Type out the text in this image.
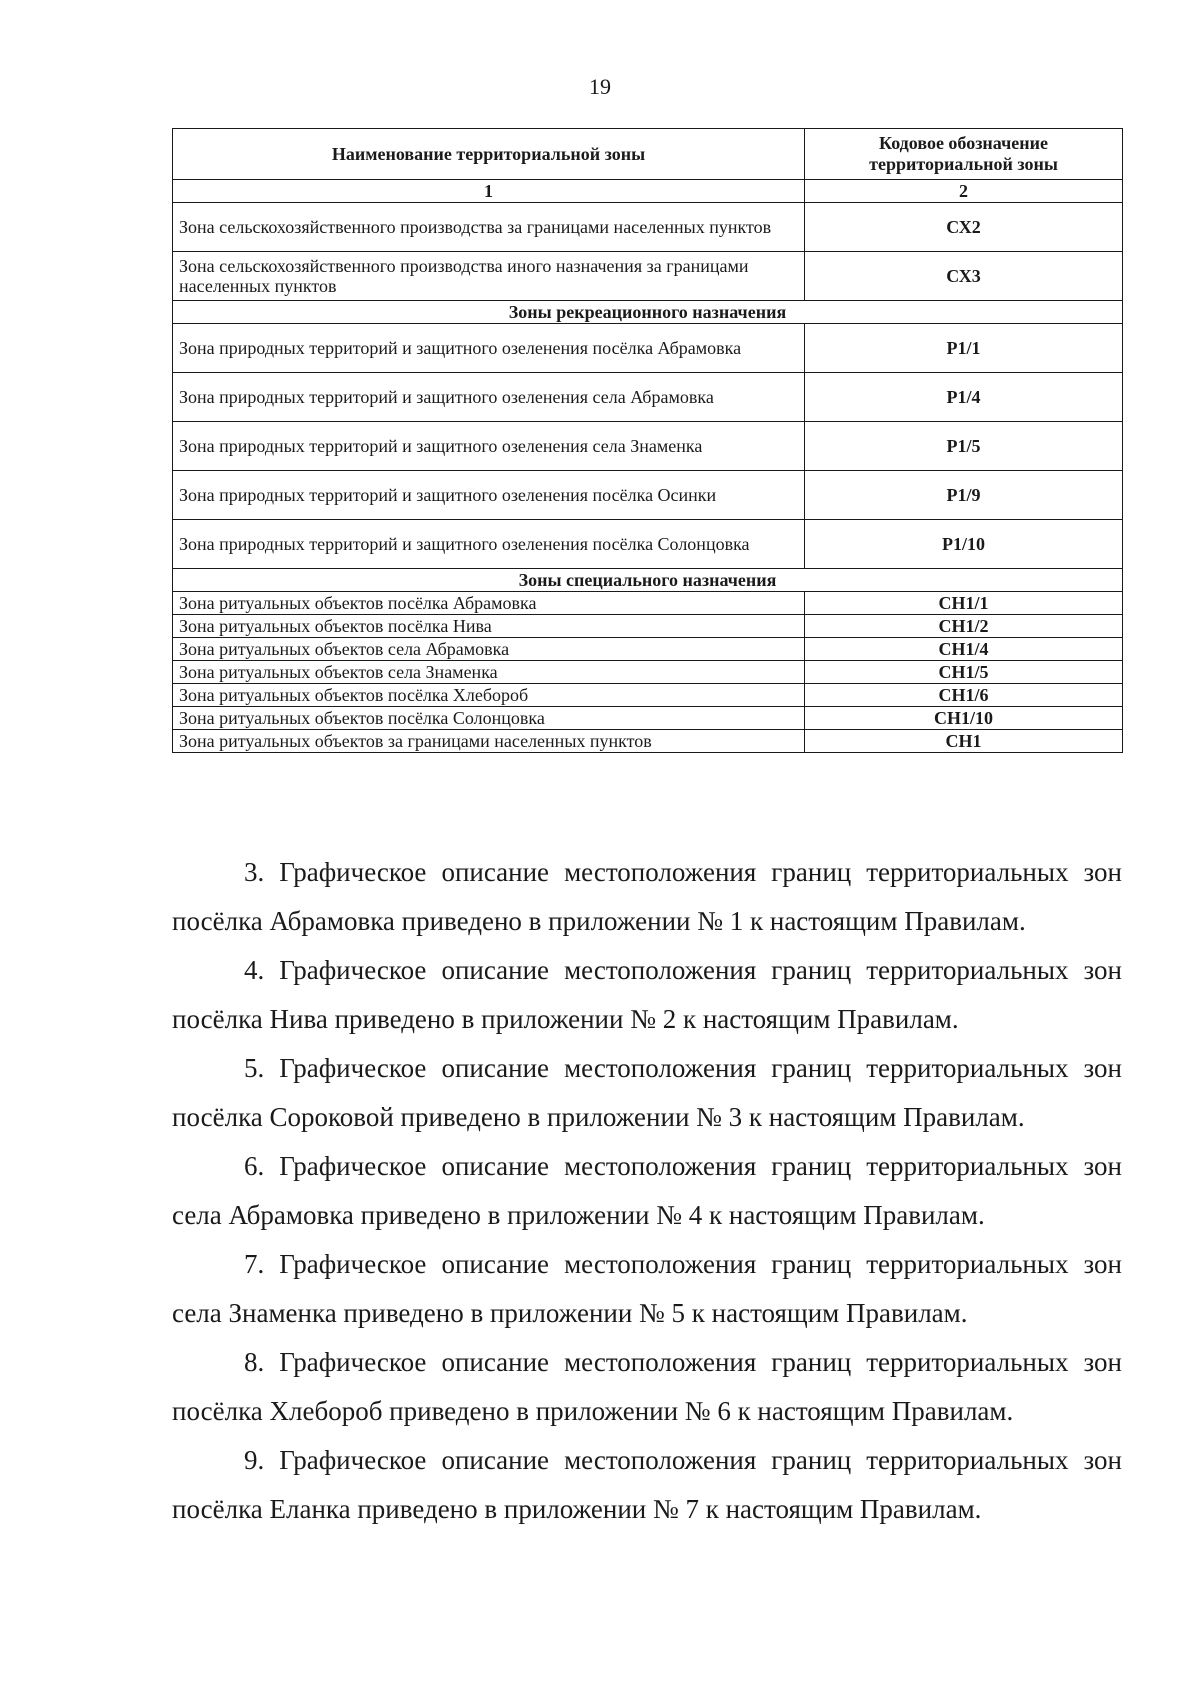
19
Наименование территориальной зоны	Кодовое обозначение территориальной зоны
1	2
Зона сельскохозяйственного производства за границами населенных пунктов	СХ2
Зона сельскохозяйственного производства иного назначения за границами населенных пунктов	СХ3
Зоны рекреационного назначения	
Зона природных территорий и защитного озеленения посёлка Абрамовка	Р1/1
Зона природных территорий и защитного озеленения села Абрамовка	Р1/4
Зона природных территорий и защитного озеленения села Знаменка	Р1/5
Зона природных территорий и защитного озеленения посёлка Осинки	Р1/9
Зона природных территорий и защитного озеленения посёлка Солонцовка	Р1/10
Зоны специального назначения	
Зона ритуальных объектов посёлка Абрамовка	СН1/1
Зона ритуальных объектов посёлка Нива	СН1/2
Зона ритуальных объектов села Абрамовка	СН1/4
Зона ритуальных объектов села Знаменка	СН1/5
Зона ритуальных объектов посёлка Хлебороб	СН1/6
Зона ритуальных объектов посёлка Солонцовка	СН1/10
Зона ритуальных объектов за границами населенных пунктов	СН1

3. Графическое описание местоположения границ территориальных зон посёлка Абрамовка приведено в приложении № 1 к настоящим Правилам.

4. Графическое описание местоположения границ территориальных зон посёлка Нива приведено в приложении № 2 к настоящим Правилам.

5. Графическое описание местоположения границ территориальных зон посёлка Сороковой приведено в приложении № 3 к настоящим Правилам.

6. Графическое описание местоположения границ территориальных зон села Абрамовка приведено в приложении № 4 к настоящим Правилам.

7. Графическое описание местоположения границ территориальных зон села Знаменка приведено в приложении № 5 к настоящим Правилам.

8. Графическое описание местоположения границ территориальных зон посёлка Хлебороб приведено в приложении № 6 к настоящим Правилам.

9. Графическое описание местоположения границ территориальных зон посёлка Еланка приведено в приложении № 7 к настоящим Правилам.
